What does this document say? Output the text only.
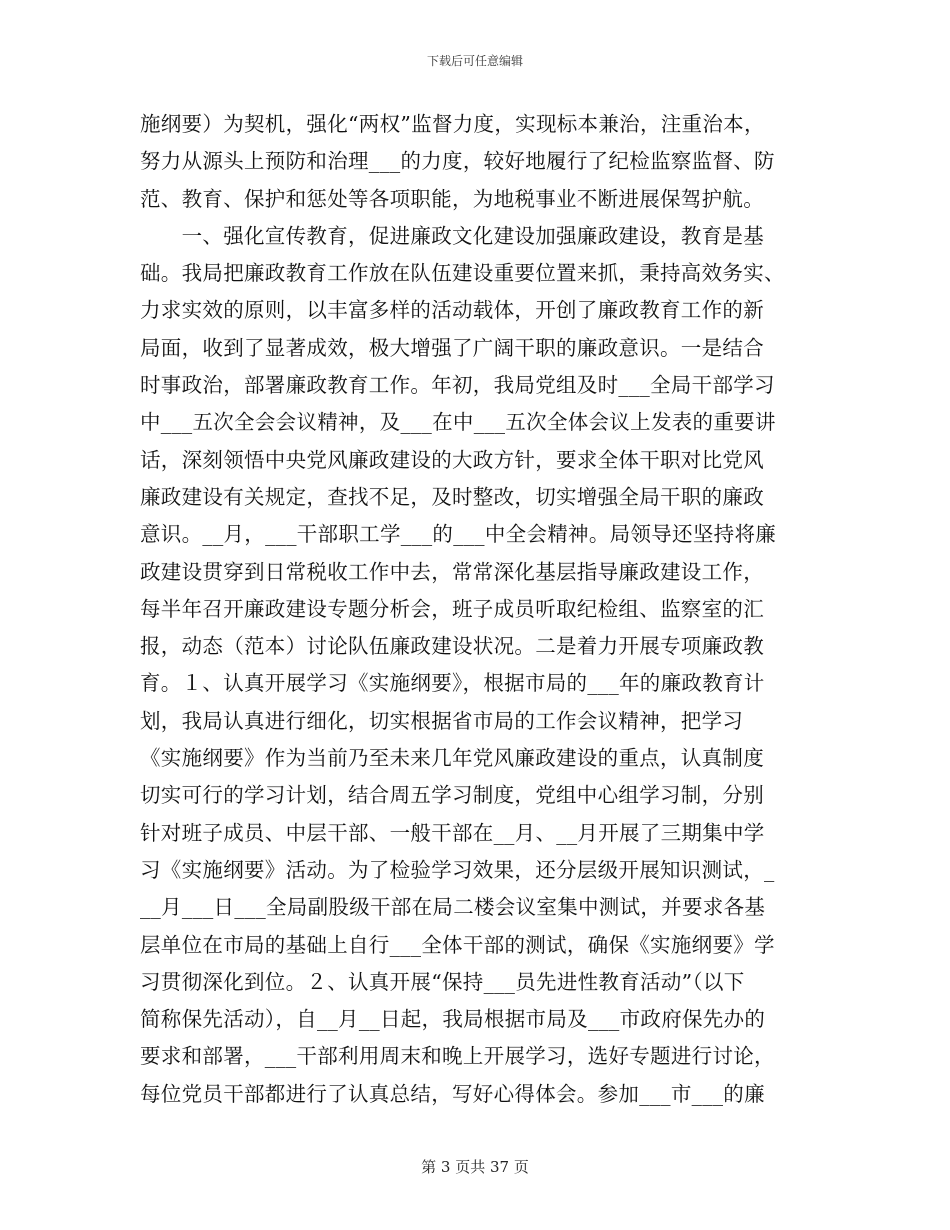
下载后可任意编辑
施纲要）为契机，强化“两权”监督力度，实现标本兼治，注重治本，
努力从源头上预防和治理___的力度，较好地履行了纪检监察监督、防
范、教育、保护和惩处等各项职能，为地税事业不断进展保驾护航。
　　一、强化宣传教育，促进廉政文化建设加强廉政建设，教育是基
础。我局把廉政教育工作放在队伍建设重要位置来抓，秉持高效务实、
力求实效的原则，以丰富多样的活动载体，开创了廉政教育工作的新
局面，收到了显著成效，极大增强了广阔干职的廉政意识。一是结合
时事政治，部署廉政教育工作。年初，我局党组及时___全局干部学习
中___五次全会会议精神，及___在中___五次全体会议上发表的重要讲
话，深刻领悟中央党风廉政建设的大政方针，要求全体干职对比党风
廉政建设有关规定，查找不足，及时整改，切实增强全局干职的廉政
意识。__月，___干部职工学___的___中全会精神。局领导还坚持将廉
政建设贯穿到日常税收工作中去，常常深化基层指导廉政建设工作，
每半年召开廉政建设专题分析会，班子成员听取纪检组、监察室的汇
报，动态（范本）讨论队伍廉政建设状况。二是着力开展专项廉政教
育。１、认真开展学习《实施纲要》，根据市局的___年的廉政教育计
划，我局认真进行细化，切实根据省市局的工作会议精神，把学习
《实施纲要》作为当前乃至未来几年党风廉政建设的重点，认真制度
切实可行的学习计划，结合周五学习制度，党组中心组学习制，分别
针对班子成员、中层干部、一般干部在__月、__月开展了三期集中学
习《实施纲要》活动。为了检验学习效果，还分层级开展知识测试，_
__月___日___全局副股级干部在局二楼会议室集中测试，并要求各基
层单位在市局的基础上自行___全体干部的测试，确保《实施纲要》学
习贯彻深化到位。２、认真开展“保持___员先进性教育活动”（以下
简称保先活动），自__月__日起，我局根据市局及___市政府保先办的
要求和部署，___干部利用周末和晚上开展学习，选好专题进行讨论，
每位党员干部都进行了认真总结，写好心得体会。参加___市___的廉
第 3 页共 37 页
